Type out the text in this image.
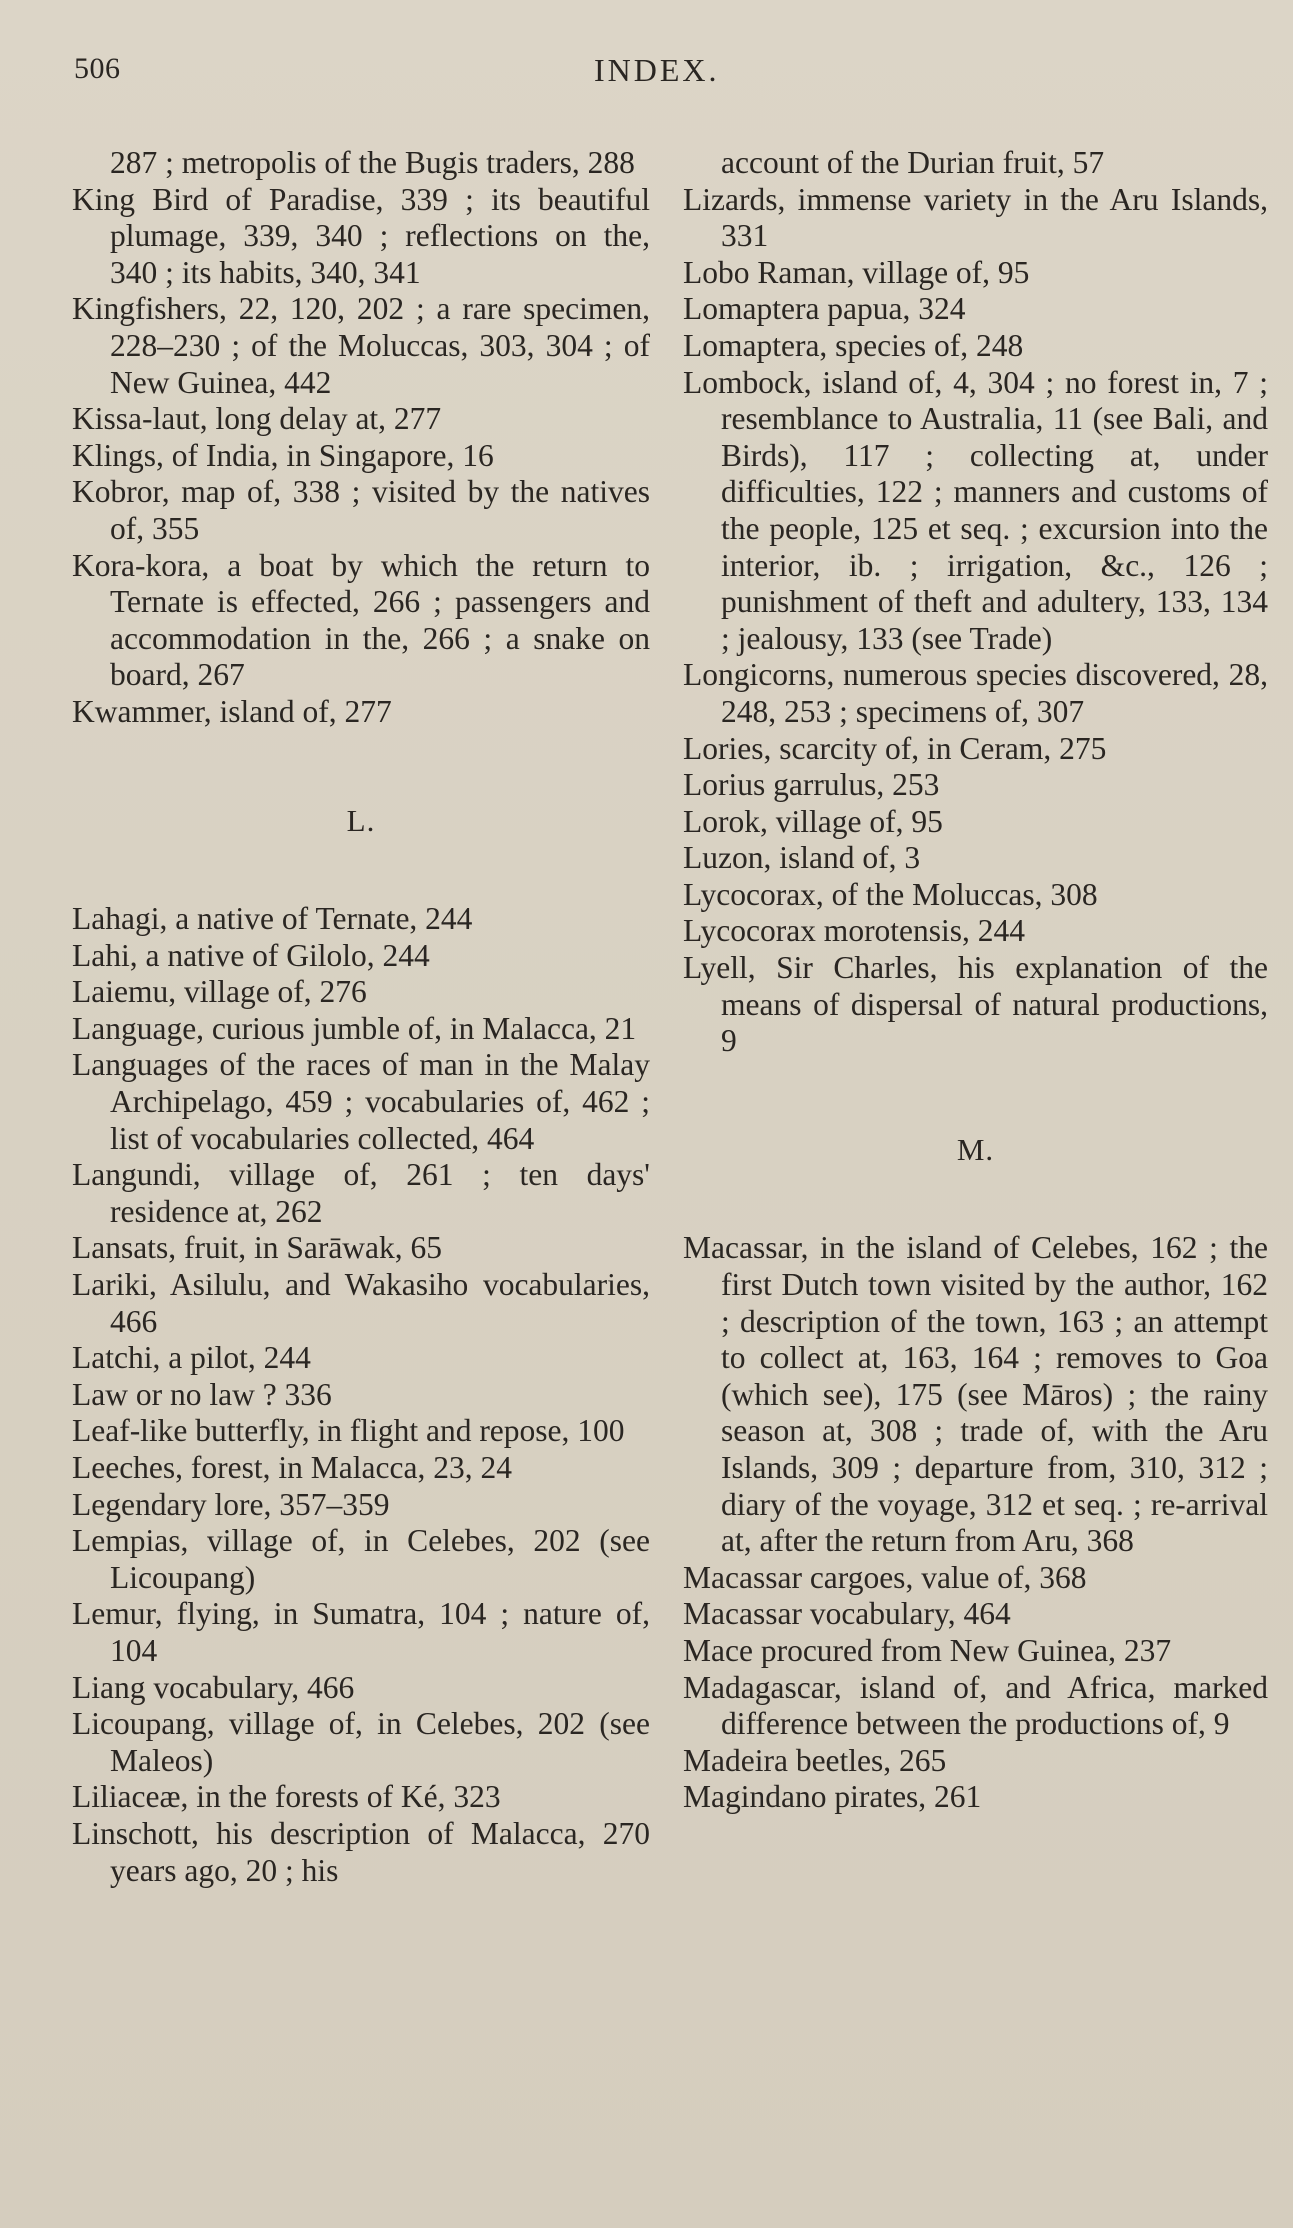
506	INDEX.

287 ; metropolis of the Bugis traders, 288

King Bird of Paradise, 339 ; its beautiful plumage, 339, 340 ; reflections on the, 340 ; its habits, 340, 341

Kingfishers, 22, 120, 202 ; a rare specimen, 228–230 ; of the Moluccas, 303, 304 ; of New Guinea, 442

Kissa-laut, long delay at, 277

Klings, of India, in Singapore, 16

Kobror, map of, 338 ; visited by the natives of, 355

Kora-kora, a boat by which the return to Ternate is effected, 266 ; passengers and accommodation in the, 266 ; a snake on board, 267

Kwammer, island of, 277

L.

Lahagi, a native of Ternate, 244

Lahi, a native of Gilolo, 244

Laiemu, village of, 276

Language, curious jumble of, in Malacca, 21

Languages of the races of man in the Malay Archipelago, 459 ; vocabularies of, 462 ; list of vocabularies collected, 464

Langundi, village of, 261 ; ten days' residence at, 262

Lansats, fruit, in Sarāwak, 65

Lariki, Asilulu, and Wakasiho vocabularies, 466

Latchi, a pilot, 244

Law or no law ? 336

Leaf-like butterfly, in flight and repose, 100

Leeches, forest, in Malacca, 23, 24

Legendary lore, 357–359

Lempias, village of, in Celebes, 202 (see Licoupang)

Lemur, flying, in Sumatra, 104 ; nature of, 104

Liang vocabulary, 466

Licoupang, village of, in Celebes, 202 (see Maleos)

Liliaceæ, in the forests of Ké, 323

Linschott, his description of Malacca, 270 years ago, 20 ; his

account of the Durian fruit, 57

Lizards, immense variety in the Aru Islands, 331

Lobo Raman, village of, 95

Lomaptera papua, 324

Lomaptera, species of, 248

Lombock, island of, 4, 304 ; no forest in, 7 ; resemblance to Australia, 11 (see Bali, and Birds), 117 ; collecting at, under difficulties, 122 ; manners and customs of the people, 125 et seq. ; excursion into the interior, ib. ; irrigation, &c., 126 ; punishment of theft and adultery, 133, 134 ; jealousy, 133 (see Trade)

Longicorns, numerous species discovered, 28, 248, 253 ; specimens of, 307

Lories, scarcity of, in Ceram, 275

Lorius garrulus, 253

Lorok, village of, 95

Luzon, island of, 3

Lycocorax, of the Moluccas, 308

Lycocorax morotensis, 244

Lyell, Sir Charles, his explanation of the means of dispersal of natural productions, 9

M.

Macassar, in the island of Celebes, 162 ; the first Dutch town visited by the author, 162 ; description of the town, 163 ; an attempt to collect at, 163, 164 ; removes to Goa (which see), 175 (see Māros) ; the rainy season at, 308 ; trade of, with the Aru Islands, 309 ; departure from, 310, 312 ; diary of the voyage, 312 et seq. ; re-arrival at, after the return from Aru, 368

Macassar cargoes, value of, 368

Macassar vocabulary, 464

Mace procured from New Guinea, 237

Madagascar, island of, and Africa, marked difference between the productions of, 9

Madeira beetles, 265

Magindano pirates, 261
